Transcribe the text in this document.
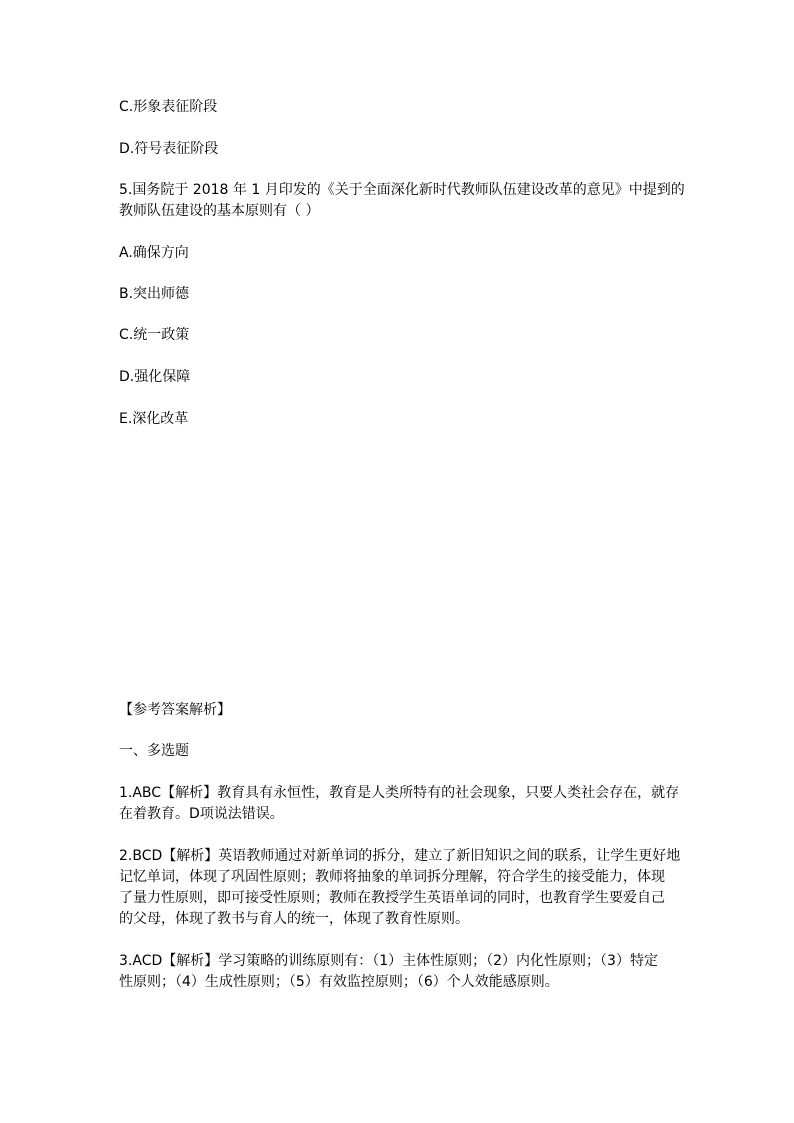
C.形象表征阶段
D.符号表征阶段
5.国务院于 2018 年 1 月印发的《关于全面深化新时代教师队伍建设改革的意见》中提到的
教师队伍建设的基本原则有（ ）
A.确保方向
B.突出师德
C.统一政策
D.强化保障
E.深化改革
【参考答案解析】
一、多选题
1.ABC【解析】教育具有永恒性，教育是人类所特有的社会现象，只要人类社会存在，就存
在着教育。D项说法错误。
2.BCD【解析】英语教师通过对新单词的拆分，建立了新旧知识之间的联系，让学生更好地
记忆单词，体现了巩固性原则；教师将抽象的单词拆分理解，符合学生的接受能力，体现
了量力性原则，即可接受性原则；教师在教授学生英语单词的同时，也教育学生要爱自己
的父母，体现了教书与育人的统一，体现了教育性原则。
3.ACD【解析】学习策略的训练原则有：（1）主体性原则；（2）内化性原则；（3）特定
性原则；（4）生成性原则；（5）有效监控原则；（6）个人效能感原则。
